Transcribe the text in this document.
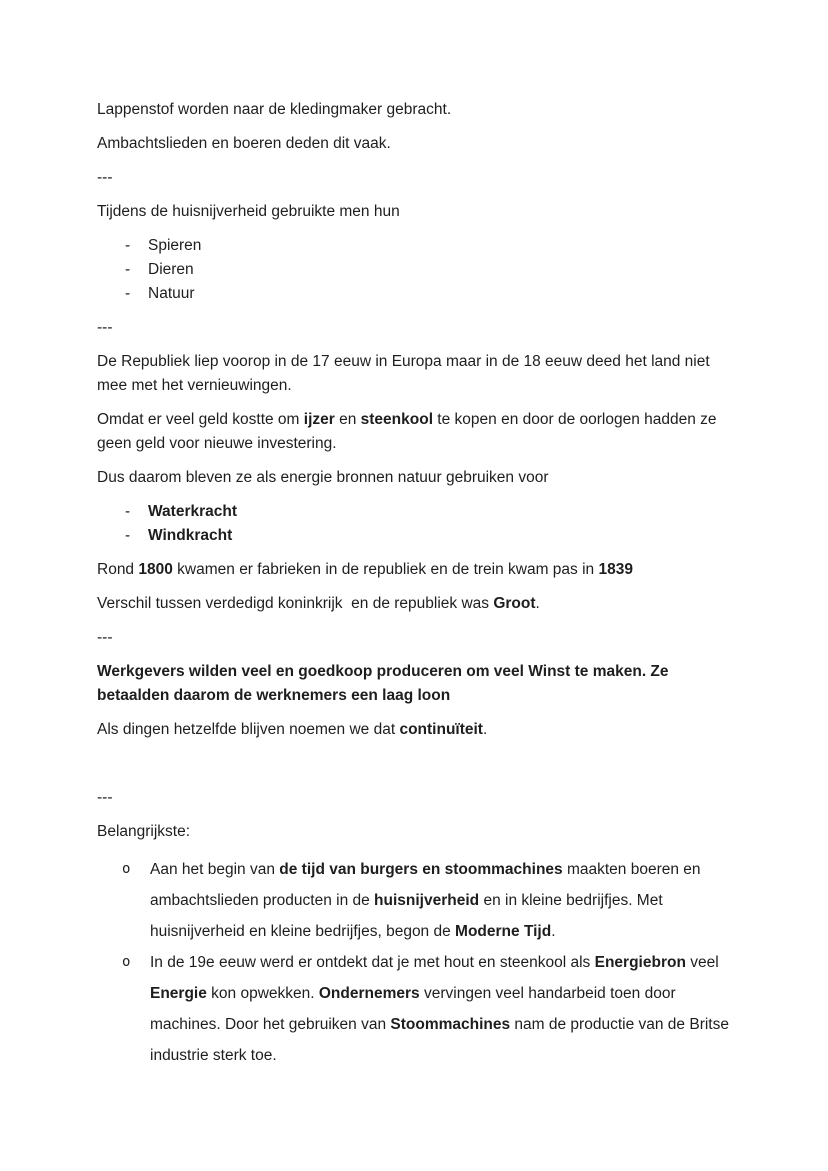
Lappenstof worden naar de kledingmaker gebracht.

Ambachtslieden en boeren deden dit vaak.

---

Tijdens de huisnijverheid gebruikte men hun

-	Spieren
-	Dieren
-	Natuur

---

De Republiek liep voorop in de 17 eeuw in Europa maar in de 18 eeuw deed het land niet mee met het vernieuwingen.

Omdat er veel geld kostte om ijzer en steenkool te kopen en door de oorlogen hadden ze geen geld voor nieuwe investering.

Dus daarom bleven ze als energie bronnen natuur gebruiken voor

-	Waterkracht
-	Windkracht

Rond 1800 kwamen er fabrieken in de republiek en de trein kwam pas in 1839

Verschil tussen verdedigd koninkrijk  en de republiek was Groot.

---

Werkgevers wilden veel en goedkoop produceren om veel Winst te maken. Ze betaalden daarom de werknemers een laag loon

Als dingen hetzelfde blijven noemen we dat continuïteit.

---

Belangrijkste:

o	Aan het begin van de tijd van burgers en stoommachines maakten boeren en ambachtslieden producten in de huisnijverheid en in kleine bedrijfjes. Met huisnijverheid en kleine bedrijfjes, begon de Moderne Tijd.
o	In de 19e eeuw werd er ontdekt dat je met hout en steenkool als Energiebron veel Energie kon opwekken. Ondernemers vervingen veel handarbeid toen door machines. Door het gebruiken van Stoommachines nam de productie van de Britse industrie sterk toe.
